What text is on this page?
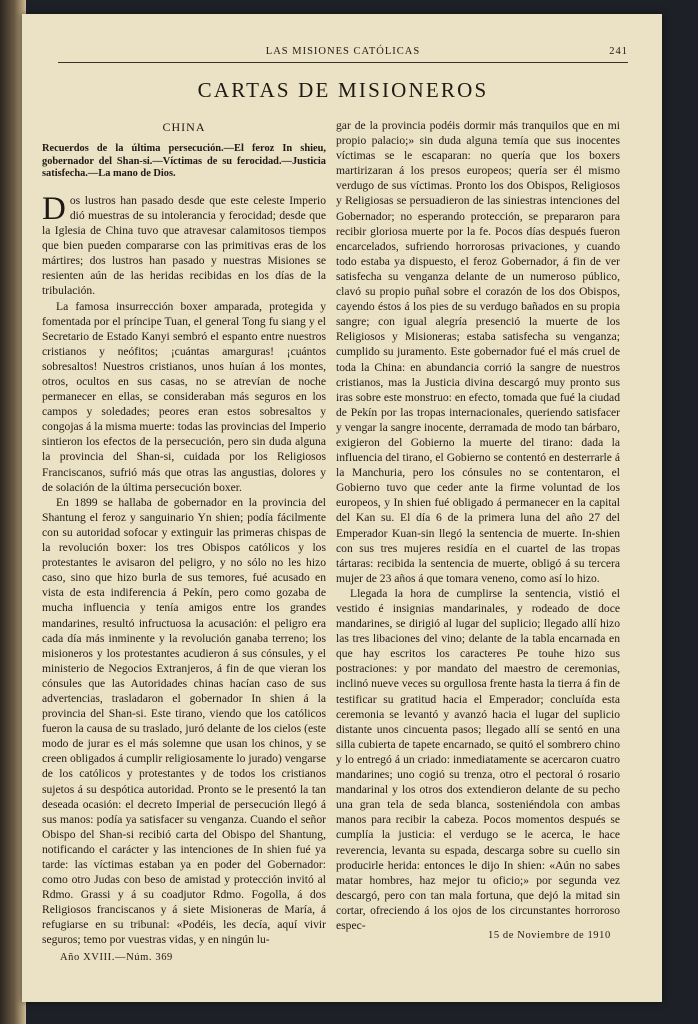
LAS MISIONES CATÓLICAS	241
CARTAS DE MISIONEROS
CHINA

Recuerdos de la última persecución.—El feroz In shieu, gobernador del Shan-si.—Víctimas de su ferocidad.—Justicia satisfecha.—La mano de Dios.

Dos lustros han pasado desde que este celeste Imperio dió muestras de su intolerancia y ferocidad; desde que la Iglesia de China tuvo que atravesar calamitosos tiempos que bien pueden compararse con las primitivas eras de los mártires; dos lustros han pasado y nuestras Misiones se resienten aún de las heridas recibidas en los días de la tribulación.

La famosa insurrección boxer amparada, protegida y fomentada por el príncipe Tuan, el general Tong fu siang y el Secretario de Estado Kanyi sembró el espanto entre nuestros cristianos y neófitos; ¡cuántas amarguras! ¡cuántos sobresaltos! Nuestros cristianos, unos huían á los montes, otros, ocultos en sus casas, no se atrevían de noche permanecer en ellas, se consideraban más seguros en los campos y soledades; peores eran estos sobresaltos y congojas á la misma muerte: todas las provincias del Imperio sintieron los efectos de la persecución, pero sin duda alguna la provincia del Shan-si, cuidada por los Religiosos Franciscanos, sufrió más que otras las angustias, dolores y de solación de la última persecución boxer.

En 1899 se hallaba de gobernador en la provincia del Shantung el feroz y sanguinario Yn shien; podía fácilmente con su autoridad sofocar y extinguir las primeras chispas de la revolución boxer: los tres Obispos católicos y los protestantes le avisaron del peligro, y no sólo no les hizo caso, sino que hizo burla de sus temores, fué acusado en vista de esta indiferencia á Pekín, pero como gozaba de mucha influencia y tenía amigos entre los grandes mandarines, resultó infructuosa la acusación: el peligro era cada día más inminente y la revolución ganaba terreno; los misioneros y los protestantes acudieron á sus cónsules, y el ministerio de Negocios Extranjeros, á fin de que vieran los cónsules que las Autoridades chinas hacían caso de sus advertencias, trasladaron el gobernador In shien á la provincia del Shan-si. Este tirano, viendo que los católicos fueron la causa de su traslado, juró delante de los cielos (este modo de jurar es el más solemne que usan los chinos, y se creen obligados á cumplir religiosamente lo jurado) vengarse de los católicos y protestantes y de todos los cristianos sujetos á su despótica autoridad. Pronto se le presentó la tan deseada ocasión: el decreto Imperial de persecución llegó á sus manos: podía ya satisfacer su venganza. Cuando el señor Obispo del Shan-si recibió carta del Obispo del Shantung, notificando el carácter y las intenciones de In shien fué ya tarde: las víctimas estaban ya en poder del Gobernador: como otro Judas con beso de amistad y protección invitó al Rdmo. Grassi y á su coadjutor Rdmo. Fogolla, á dos Religiosos franciscanos y á siete Misioneras de María, á refugiarse en su tribunal: «Podéis, les decía, aquí vivir seguros; temo por vuestras vidas, y en ningún lu-

gar de la provincia podéis dormir más tranquilos que en mi propio palacio;» sin duda alguna temía que sus inocentes víctimas se le escaparan: no quería que los boxers martirizaran á los presos europeos; quería ser él mismo verdugo de sus víctimas. Pronto los dos Obispos, Religiosos y Religiosas se persuadieron de las siniestras intenciones del Gobernador; no esperando protección, se prepararon para recibir gloriosa muerte por la fe. Pocos días después fueron encarcelados, sufriendo horrorosas privaciones, y cuando todo estaba ya dispuesto, el feroz Gobernador, á fin de ver satisfecha su venganza delante de un numeroso público, clavó su propio puñal sobre el corazón de los dos Obispos, cayendo éstos á los pies de su verdugo bañados en su propia sangre; con igual alegría presenció la muerte de los Religiosos y Misioneras; estaba satisfecha su venganza; cumplido su juramento. Este gobernador fué el más cruel de toda la China: en abundancia corrió la sangre de nuestros cristianos, mas la Justicia divina descargó muy pronto sus iras sobre este monstruo: en efecto, tomada que fué la ciudad de Pekín por las tropas internacionales, queriendo satisfacer y vengar la sangre inocente, derramada de modo tan bárbaro, exigieron del Gobierno la muerte del tirano: dada la influencia del tirano, el Gobierno se contentó en desterrarle á la Manchuria, pero los cónsules no se contentaron, el Gobierno tuvo que ceder ante la firme voluntad de los europeos, y In shien fué obligado á permanecer en la capital del Kan su. El día 6 de la primera luna del año 27 del Emperador Kuan-sin llegó la sentencia de muerte. In-shien con sus tres mujeres residía en el cuartel de las tropas tártaras: recibida la sentencia de muerte, obligó á su tercera mujer de 23 años á que tomara veneno, como así lo hizo.

Llegada la hora de cumplirse la sentencia, vistió el vestido é insignias mandarinales, y rodeado de doce mandarines, se dirigió al lugar del suplicio; llegado allí hizo las tres libaciones del vino; delante de la tabla encarnada en que hay escritos los caracteres Pe touhe hizo sus postraciones: y por mandato del maestro de ceremonias, inclinó nueve veces su orgullosa frente hasta la tierra á fin de testificar su gratitud hacia el Emperador; concluída esta ceremonia se levantó y avanzó hacia el lugar del suplicio distante unos cincuenta pasos; llegado allí se sentó en una silla cubierta de tapete encarnado, se quitó el sombrero chino y lo entregó á un criado: inmediatamente se acercaron cuatro mandarines; uno cogió su trenza, otro el pectoral ó rosario mandarinal y los otros dos extendieron delante de su pecho una gran tela de seda blanca, sosteniéndola con ambas manos para recibir la cabeza. Pocos momentos después se cumplía la justicia: el verdugo se le acerca, le hace reverencia, levanta su espada, descarga sobre su cuello sin producirle herida: entonces le dijo In shien: «Aún no sabes matar hombres, haz mejor tu oficio;» por segunda vez descargó, pero con tan mala fortuna, que dejó la mitad sin cortar, ofreciendo á los ojos de los circunstantes horroroso espec-

Año XVIII.—Núm. 369
15 de Noviembre de 1910
